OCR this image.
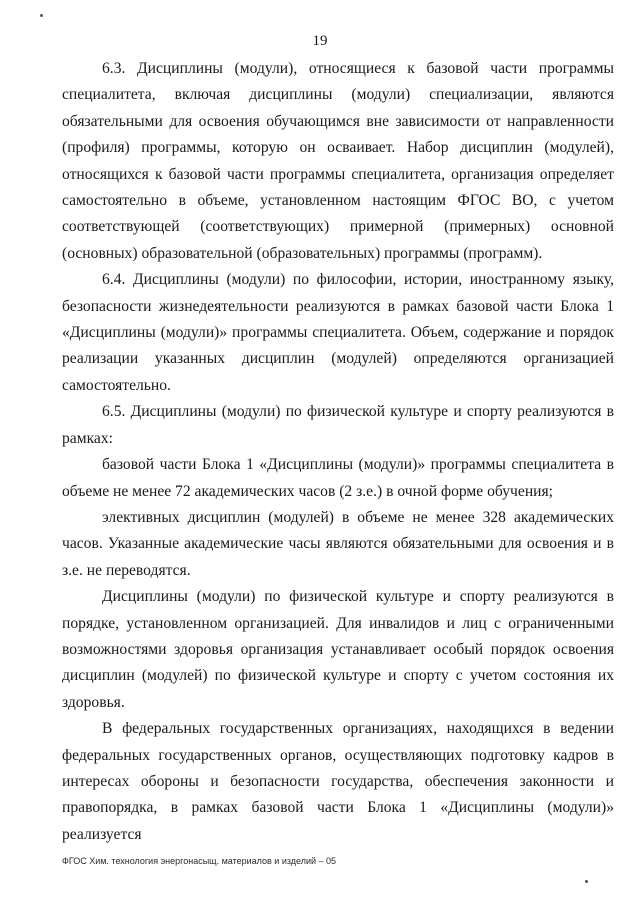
19

6.3. Дисциплины (модули), относящиеся к базовой части программы специалитета, включая дисциплины (модули) специализации, являются обязательными для освоения обучающимся вне зависимости от направленности (профиля) программы, которую он осваивает. Набор дисциплин (модулей), относящихся к базовой части программы специалитета, организация определяет самостоятельно в объеме, установленном настоящим ФГОС ВО, с учетом соответствующей (соответствующих) примерной (примерных) основной (основных) образовательной (образовательных) программы (программ).

6.4. Дисциплины (модули) по философии, истории, иностранному языку, безопасности жизнедеятельности реализуются в рамках базовой части Блока 1 «Дисциплины (модули)» программы специалитета. Объем, содержание и порядок реализации указанных дисциплин (модулей) определяются организацией самостоятельно.

6.5. Дисциплины (модули) по физической культуре и спорту реализуются в рамках:

базовой части Блока 1 «Дисциплины (модули)» программы специалитета в объеме не менее 72 академических часов (2 з.е.) в очной форме обучения;

элективных дисциплин (модулей) в объеме не менее 328 академических часов. Указанные академические часы являются обязательными для освоения и в з.е. не переводятся.

Дисциплины (модули) по физической культуре и спорту реализуются в порядке, установленном организацией. Для инвалидов и лиц с ограниченными возможностями здоровья организация устанавливает особый порядок освоения дисциплин (модулей) по физической культуре и спорту с учетом состояния их здоровья.

В федеральных государственных организациях, находящихся в ведении федеральных государственных органов, осуществляющих подготовку кадров в интересах обороны и безопасности государства, обеспечения законности и правопорядка, в рамках базовой части Блока 1 «Дисциплины (модули)» реализуется

ФГОС Хим. технология энергонасыщ. материалов и изделий – 05
